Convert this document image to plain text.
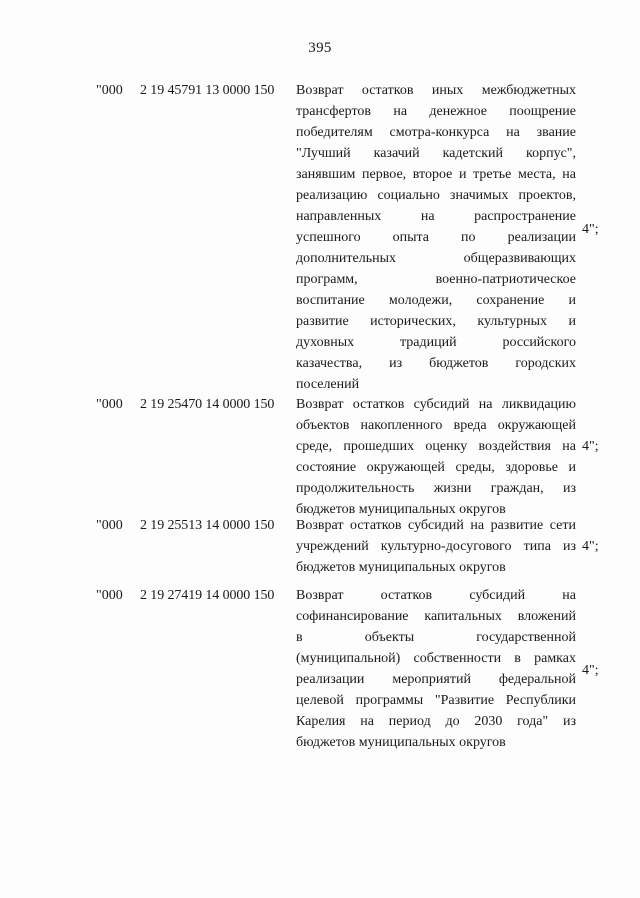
395
"000 2 19 45791 13 0000 150 Возврат остатков иных межбюджетных
трансфертов на денежное поощрение
победителям смотра-конкурса на звание
"Лучший казачий кадетский корпус",
занявшим первое, второе и третье места, на
реализацию социально значимых проектов,
направленных на распространение
успешного опыта по реализации
дополнительных общеразвивающих
программ, военно-патриотическое
воспитание молодежи, сохранение и
развитие исторических, культурных и
духовных традиций российского
казачества, из бюджетов городских
поселений
4";
"000 2 19 25470 14 0000 150 Возврат остатков субсидий на ликвидацию
объектов накопленного вреда окружающей
среде, прошедших оценку воздействия на
состояние окружающей среды, здоровье и
продолжительность жизни граждан, из
бюджетов муниципальных округов
4";
"000 2 19 25513 14 0000 150 Возврат остатков субсидий на развитие сети
учреждений культурно-досугового типа из
бюджетов муниципальных округов
4";
"000 2 19 27419 14 0000 150 Возврат остатков субсидий на
софинансирование капитальных вложений
в объекты государственной
(муниципальной) собственности в рамках
реализации мероприятий федеральной
целевой программы "Развитие Республики
Карелия на период до 2030 года" из
бюджетов муниципальных округов
4";
